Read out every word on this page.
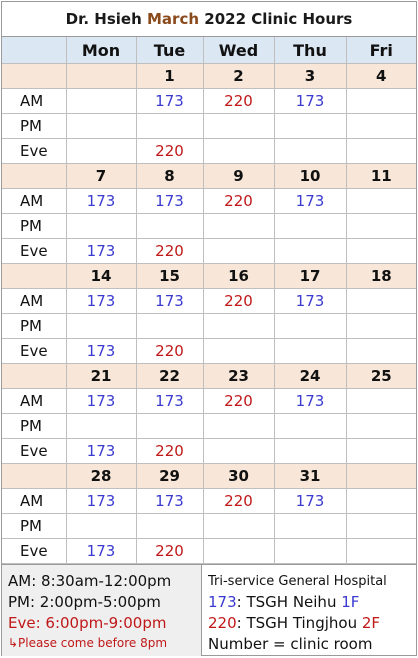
Dr. Hsieh March 2022 Clinic Hours
	Mon	Tue	Wed	Thu	Fri
		1	2	3	4
AM		173	220	173	
PM					
Eve		220			
	7	8	9	10	11
AM	173	173	220	173	
PM					
Eve	173	220			
	14	15	16	17	18
AM	173	173	220	173	
PM					
Eve	173	220			
	21	22	23	24	25
AM	173	173	220	173	
PM					
Eve	173	220			
	28	29	30	31	
AM	173	173	220	173	
PM					
Eve	173	220			
AM: 8:30am-12:00pm
PM: 2:00pm-5:00pm
Eve: 6:00pm-9:00pm
↳Please come before 8pm
Tri-service General Hospital
173: TSGH Neihu 1F
220: TSGH Tingjhou 2F
Number = clinic room
